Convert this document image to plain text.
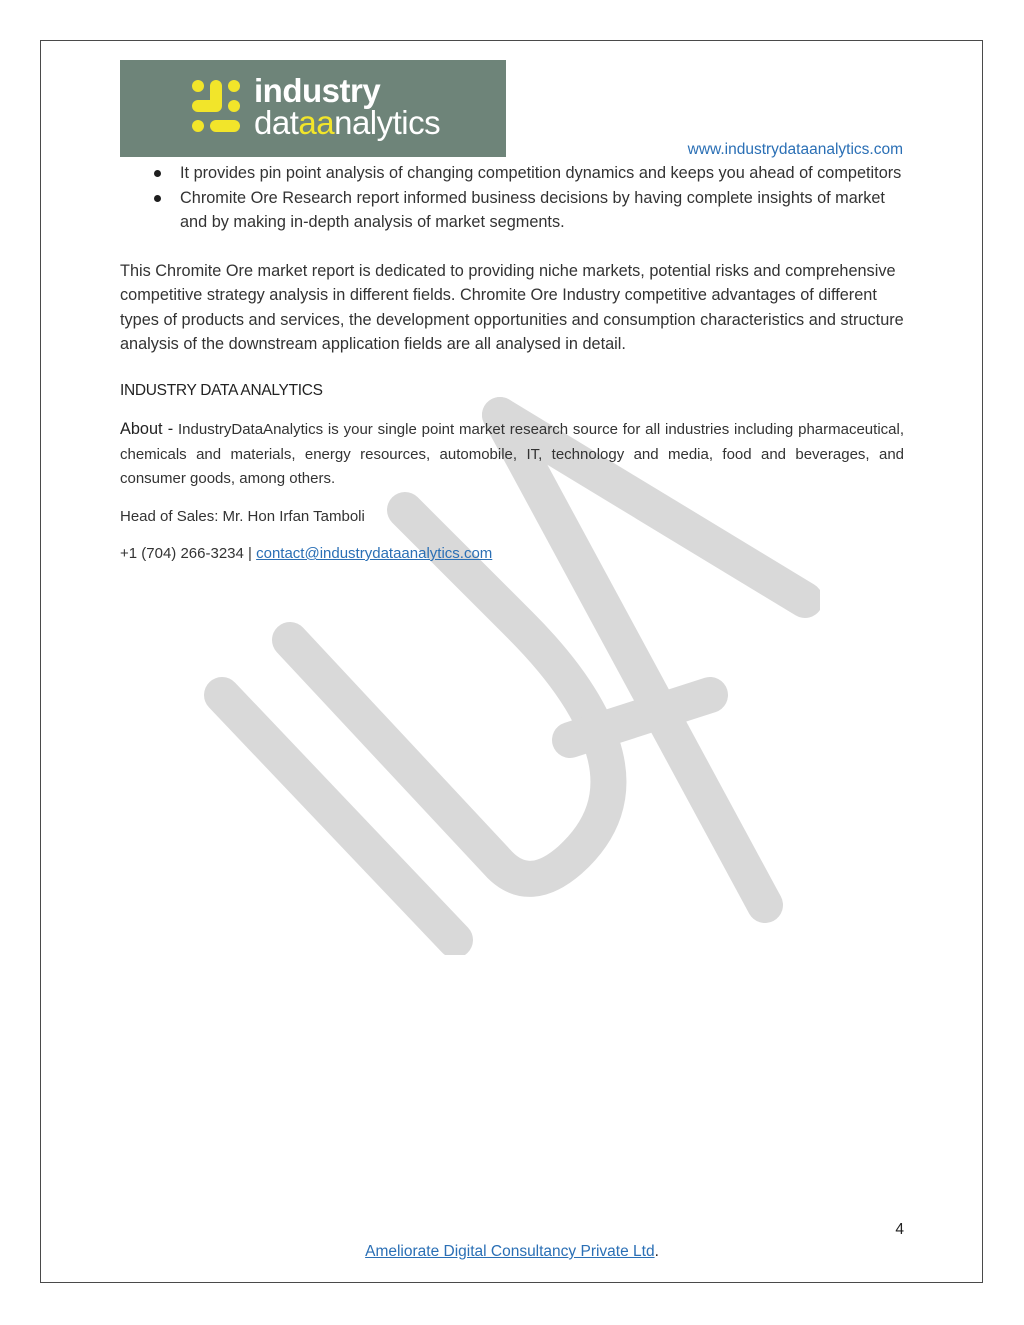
industry
dataanalytics
www.industrydataanalytics.com
It provides pin point analysis of changing competition dynamics and keeps you ahead of competitors
Chromite Ore Research report informed business decisions by having complete insights of market and by making in-depth analysis of market segments.

This Chromite Ore market report is dedicated to providing niche markets, potential risks and comprehensive competitive strategy analysis in different fields. Chromite Ore Industry competitive advantages of different types of products and services, the development opportunities and consumption characteristics and structure analysis of the downstream application fields are all analysed in detail.

INDUSTRY DATA ANALYTICS
About - IndustryDataAnalytics is your single point market research source for all industries including pharmaceutical, chemicals and materials, energy resources, automobile, IT, technology and media, food and beverages, and consumer goods, among others.
Head of Sales: Mr. Hon Irfan Tamboli
+1 (704) 266-3234 | contact@industrydataanalytics.com
4
Ameliorate Digital Consultancy Private Ltd.
